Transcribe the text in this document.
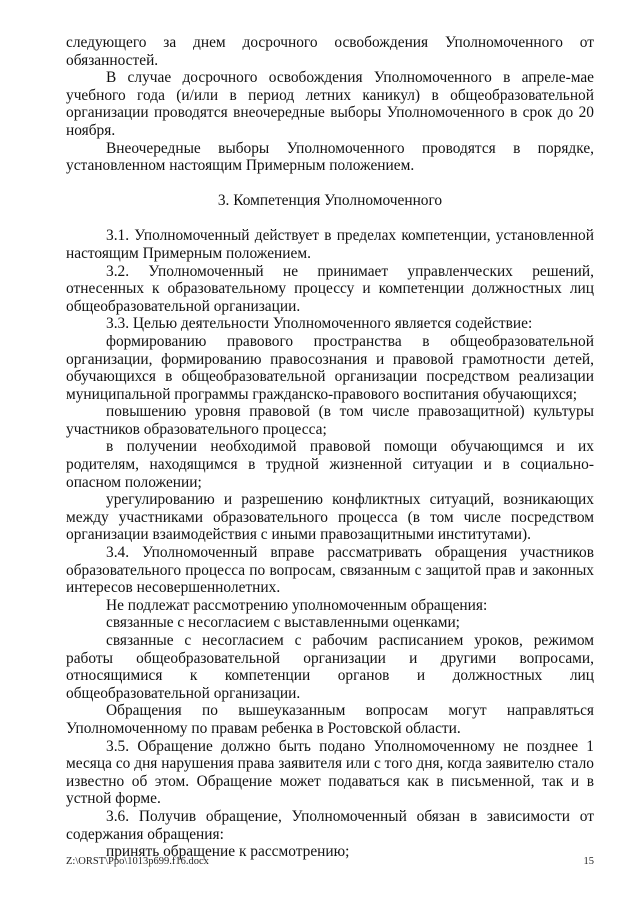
следующего за днем досрочного освобождения Уполномоченного от обязанностей.

В случае досрочного освобождения Уполномоченного в апреле-мае учебного года (и/или в период летних каникул) в общеобразовательной организации проводятся внеочередные выборы Уполномоченного в срок до 20 ноября.

Внеочередные выборы Уполномоченного проводятся в порядке, установленном настоящим Примерным положением.

3. Компетенция Уполномоченного

3.1. Уполномоченный действует в пределах компетенции, установленной настоящим Примерным положением.

3.2. Уполномоченный не принимает управленческих решений, отнесенных к образовательному процессу и компетенции должностных лиц общеобразовательной организации.

3.3. Целью деятельности Уполномоченного является содействие:

формированию правового пространства в общеобразовательной организации, формированию правосознания и правовой грамотности детей, обучающихся в общеобразовательной организации посредством реализации муниципальной программы гражданско-правового воспитания обучающихся;

повышению уровня правовой (в том числе правозащитной) культуры участников образовательного процесса;

в получении необходимой правовой помощи обучающимся и их родителям, находящимся в трудной жизненной ситуации и в социально-опасном положении;

урегулированию и разрешению конфликтных ситуаций, возникающих между участниками образовательного процесса (в том числе посредством организации взаимодействия с иными правозащитными институтами).

3.4. Уполномоченный вправе рассматривать обращения участников образовательного процесса по вопросам, связанным с защитой прав и законных интересов несовершеннолетних.

Не подлежат рассмотрению уполномоченным обращения:

связанные с несогласием с выставленными оценками;

связанные с несогласием с рабочим расписанием уроков, режимом работы общеобразовательной организации и другими вопросами, относящимися к компетенции органов и должностных лиц общеобразовательной организации.

Обращения по вышеуказанным вопросам могут направляться Уполномоченному по правам ребенка в Ростовской области.

3.5. Обращение должно быть подано Уполномоченному не позднее 1 месяца со дня нарушения права заявителя или с того дня, когда заявителю стало известно об этом. Обращение может подаваться как в письменной, так и в устной форме.

3.6. Получив обращение, Уполномоченный обязан в зависимости от содержания обращения:

принять обращение к рассмотрению;

Z:\ORST\Ppo\1013p699.f16.docx	15
